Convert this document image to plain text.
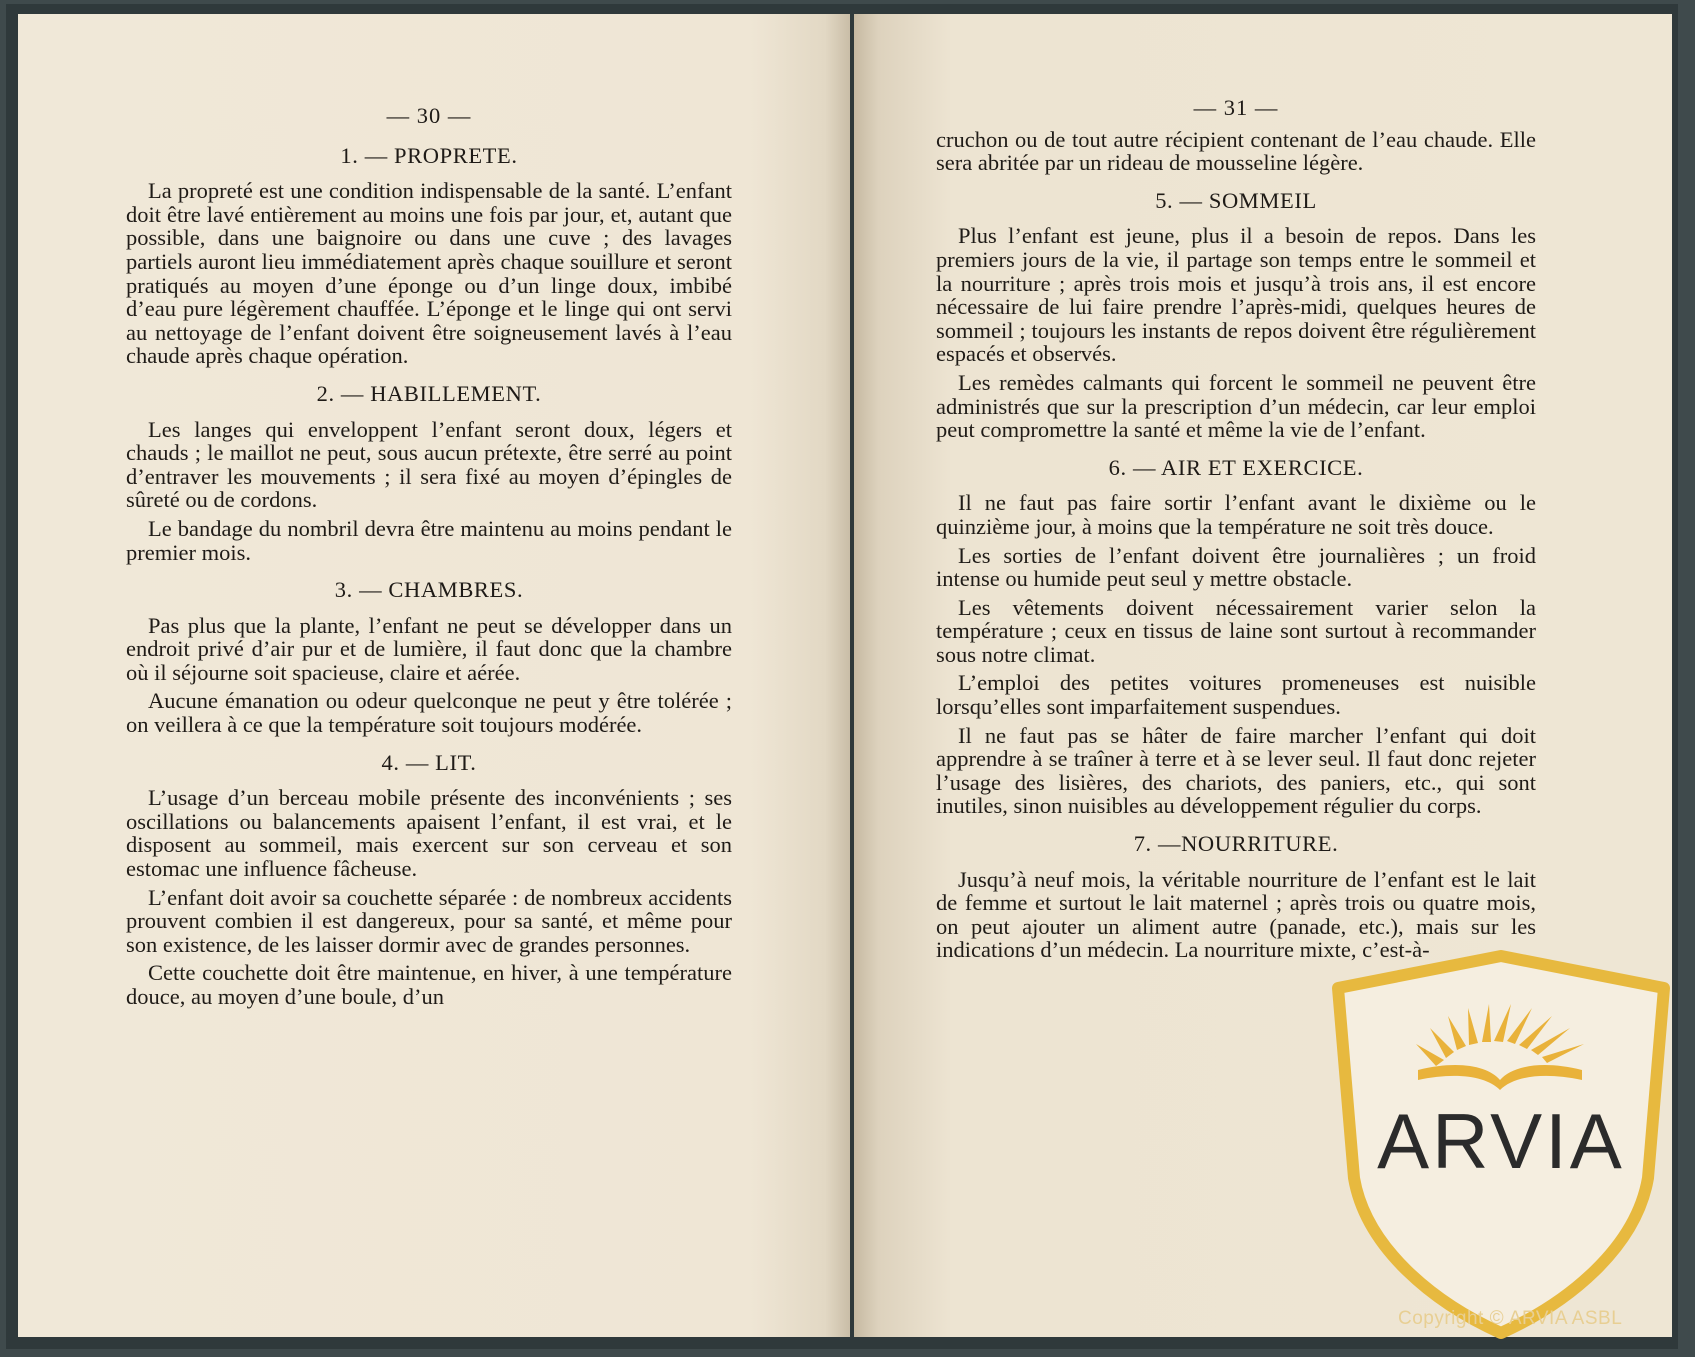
— 30 —
1. — PROPRETE.

La propreté est une condition indispensable de la santé. L’enfant doit être lavé entièrement au moins une fois par jour, et, autant que possible, dans une baignoire ou dans une cuve ; des lavages partiels auront lieu immédiatement après chaque souillure et seront pratiqués au moyen d’une éponge ou d’un linge doux, imbibé d’eau pure légèrement chauffée. L’éponge et le linge qui ont servi au nettoyage de l’enfant doivent être soigneusement lavés à l’eau chaude après chaque opération.

2. — HABILLEMENT.

Les langes qui enveloppent l’enfant seront doux, légers et chauds ; le maillot ne peut, sous aucun prétexte, être serré au point d’entraver les mouvements ; il sera fixé au moyen d’épingles de sûreté ou de cordons.

Le bandage du nombril devra être maintenu au moins pendant le premier mois.

3. — CHAMBRES.

Pas plus que la plante, l’enfant ne peut se développer dans un endroit privé d’air pur et de lumière, il faut donc que la chambre où il séjourne soit spacieuse, claire et aérée.

Aucune émanation ou odeur quelconque ne peut y être tolérée ; on veillera à ce que la température soit toujours modérée.

4. — LIT.

L’usage d’un berceau mobile présente des inconvénients ; ses oscillations ou balancements apaisent l’enfant, il est vrai, et le disposent au sommeil, mais exercent sur son cerveau et son estomac une influence fâcheuse.

L’enfant doit avoir sa couchette séparée : de nombreux accidents prouvent combien il est dangereux, pour sa santé, et même pour son existence, de les laisser dormir avec de grandes personnes.

Cette couchette doit être maintenue, en hiver, à une température douce, au moyen d’une boule, d’un

— 31 —

cruchon ou de tout autre récipient contenant de l’eau chaude. Elle sera abritée par un rideau de mousseline légère.

5. — SOMMEIL

Plus l’enfant est jeune, plus il a besoin de repos. Dans les premiers jours de la vie, il partage son temps entre le sommeil et la nourriture ; après trois mois et jusqu’à trois ans, il est encore nécessaire de lui faire prendre l’après-midi, quelques heures de sommeil ; toujours les instants de repos doivent être régulièrement espacés et observés.

Les remèdes calmants qui forcent le sommeil ne peuvent être administrés que sur la prescription d’un médecin, car leur emploi peut compromettre la santé et même la vie de l’enfant.

6. — AIR ET EXERCICE.

Il ne faut pas faire sortir l’enfant avant le dixième ou le quinzième jour, à moins que la température ne soit très douce.

Les sorties de l’enfant doivent être journalières ; un froid intense ou humide peut seul y mettre obstacle.

Les vêtements doivent nécessairement varier selon la température ; ceux en tissus de laine sont surtout à recommander sous notre climat.

L’emploi des petites voitures promeneuses est nuisible lorsqu’elles sont imparfaitement suspendues.

Il ne faut pas se hâter de faire marcher l’enfant qui doit apprendre à se traîner à terre et à se lever seul. Il faut donc rejeter l’usage des lisières, des chariots, des paniers, etc., qui sont inutiles, sinon nuisibles au développement régulier du corps.

7. —NOURRITURE.

Jusqu’à neuf mois, la véritable nourriture de l’enfant est le lait de femme et surtout le lait maternel ; après trois ou quatre mois, on peut ajouter un aliment autre (panade, etc.), mais sur les indications d’un médecin. La nourriture mixte, c’est-à-

ARVIA
Copyright © ARVIA ASBL
